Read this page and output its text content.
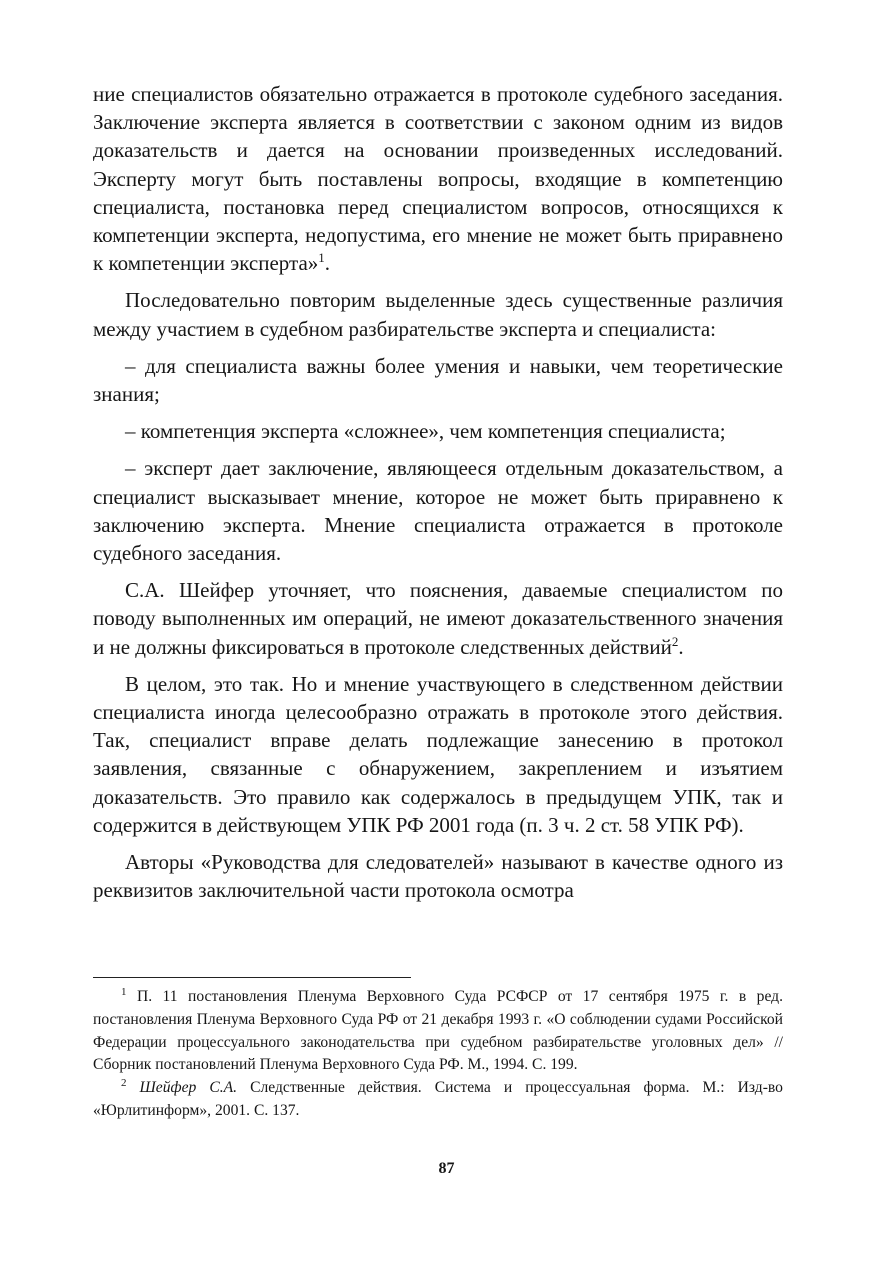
ние специалистов обязательно отражается в протоколе судебного заседания. Заключение эксперта является в соответствии с законом одним из видов доказательств и дается на основании произведенных исследований. Эксперту могут быть поставлены вопросы, входящие в компетенцию специалиста, постановка перед специалистом вопросов, относящихся к компетенции эксперта, недопустима, его мнение не может быть приравнено к компетенции эксперта»$^1$.

Последовательно повторим выделенные здесь существенные различия между участием в судебном разбирательстве эксперта и специалиста:

– для специалиста важны более умения и навыки, чем теоретические знания;

– компетенция эксперта «сложнее», чем компетенция специалиста;

– эксперт дает заключение, являющееся отдельным доказательством, а специалист высказывает мнение, которое не может быть приравнено к заключению эксперта. Мнение специалиста отражается в протоколе судебного заседания.

С.А. Шейфер уточняет, что пояснения, даваемые специалистом по поводу выполненных им операций, не имеют доказательственного значения и не должны фиксироваться в протоколе следственных действий$^2$.

В целом, это так. Но и мнение участвующего в следственном действии специалиста иногда целесообразно отражать в протоколе этого действия. Так, специалист вправе делать подлежащие занесению в протокол заявления, связанные с обнаружением, закреплением и изъятием доказательств. Это правило как содержалось в предыдущем УПК, так и содержится в действующем УПК РФ 2001 года (п. 3 ч. 2 ст. 58 УПК РФ).

Авторы «Руководства для следователей» называют в качестве одного из реквизитов заключительной части протокола осмотра

$^1$ П. 11 постановления Пленума Верховного Суда РСФСР от 17 сентября 1975 г. в ред. постановления Пленума Верховного Суда РФ от 21 декабря 1993 г. «О соблюдении судами Российской Федерации процессуального законодательства при судебном разбирательстве уголовных дел» // Сборник постановлений Пленума Верховного Суда РФ. М., 1994. С. 199.

$^2$ Шейфер С.А. Следственные действия. Система и процессуальная форма. М.: Изд-во «Юрлитинформ», 2001. С. 137.

87
